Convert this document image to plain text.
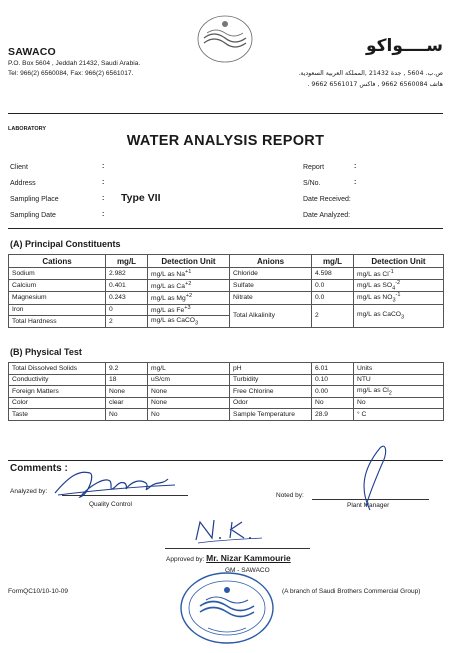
SAWACO
P.O. Box 5604 , Jeddah 21432, Saudi Arabia.
Tel: 966(2) 6560084, Fax: 966(2) 6561017.
ســــواكو
ص.ب. 5604 , جدة 21432 ,المملكة العربية السعودية.
هاتف 6560084 9662 , فاكس 6561017 9662 .
LABORATORY
WATER ANALYSIS REPORT
Client	:
Address	:
Sampling Place	: Type VII
Sampling Date	:
Report	:
S/No.	:
Date Received:
Date Analyzed:
(A) Principal Constituents
Cations	mg/L	Detection Unit	Anions	mg/L	Detection Unit
Sodium	2.982	mg/L as $Na^{+1}$	Chloride	4.598	mg/L as $Cl^{-1}$
Calcium	0.401	mg/L as $Ca^{+2}$	Sulfate	0.0	mg/L as $SO_4^{-2}$
Magnesium	0.243	mg/L as $Mg^{+2}$	Nitrate	0.0	mg/L as $NO_3^{-1}$
Iron	0	mg/L as $Fe^{+3}$	Total Alkalinity	2	mg/L as CaCO$_3$
Total Hardness	2	mg/L as CaCO$_3$
(B) Physical Test
Total Dissolved Solids	9.2	mg/L	pH	6.01	Units
Conductivity	18	uS/cm	Turbidity	0.10	NTU
Foreign Matters	None	None	Free Chlorine	0.00	mg/L as $Cl_2$
Color	clear	None	Odor	No	No
Taste	No	No	Sample Temperature	28.9	° C
Comments :
Analyzed by:
Quality Control
Noted by:
Plant Manager
Approved by: Mr. Nizar Kammourie
GM - SAWACO
FormQC10/10-10-09	(A branch of Saudi Brothers Commercial Group)
